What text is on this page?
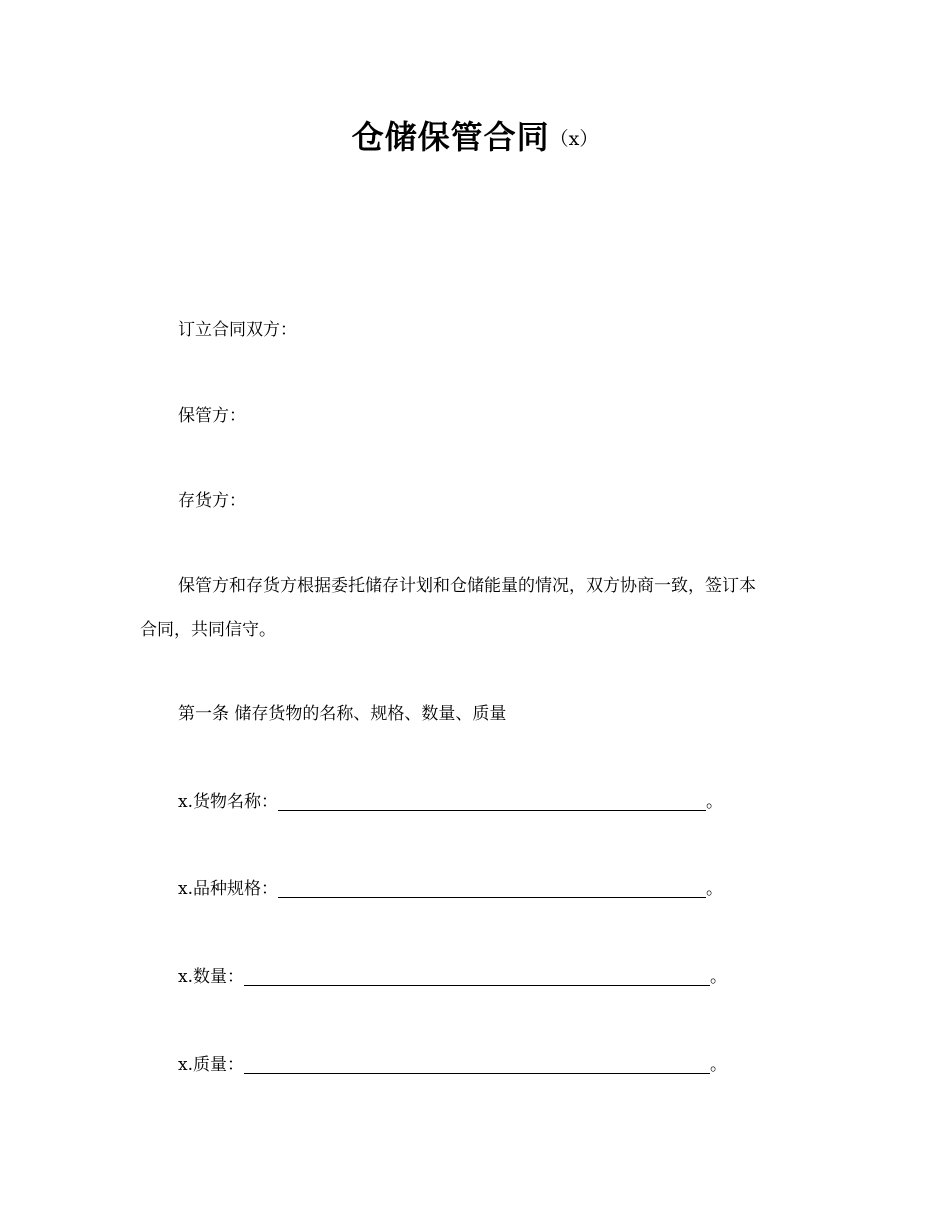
仓储保管合同（x）
订立合同双方：
保管方：
存货方：
保管方和存货方根据委托储存计划和仓储能量的情况，双方协商一致，签订本
合同，共同信守。
第一条 储存货物的名称、规格、数量、质量
x.货物名称：	。
x.品种规格：	。
x.数量：	。
x.质量：	。
